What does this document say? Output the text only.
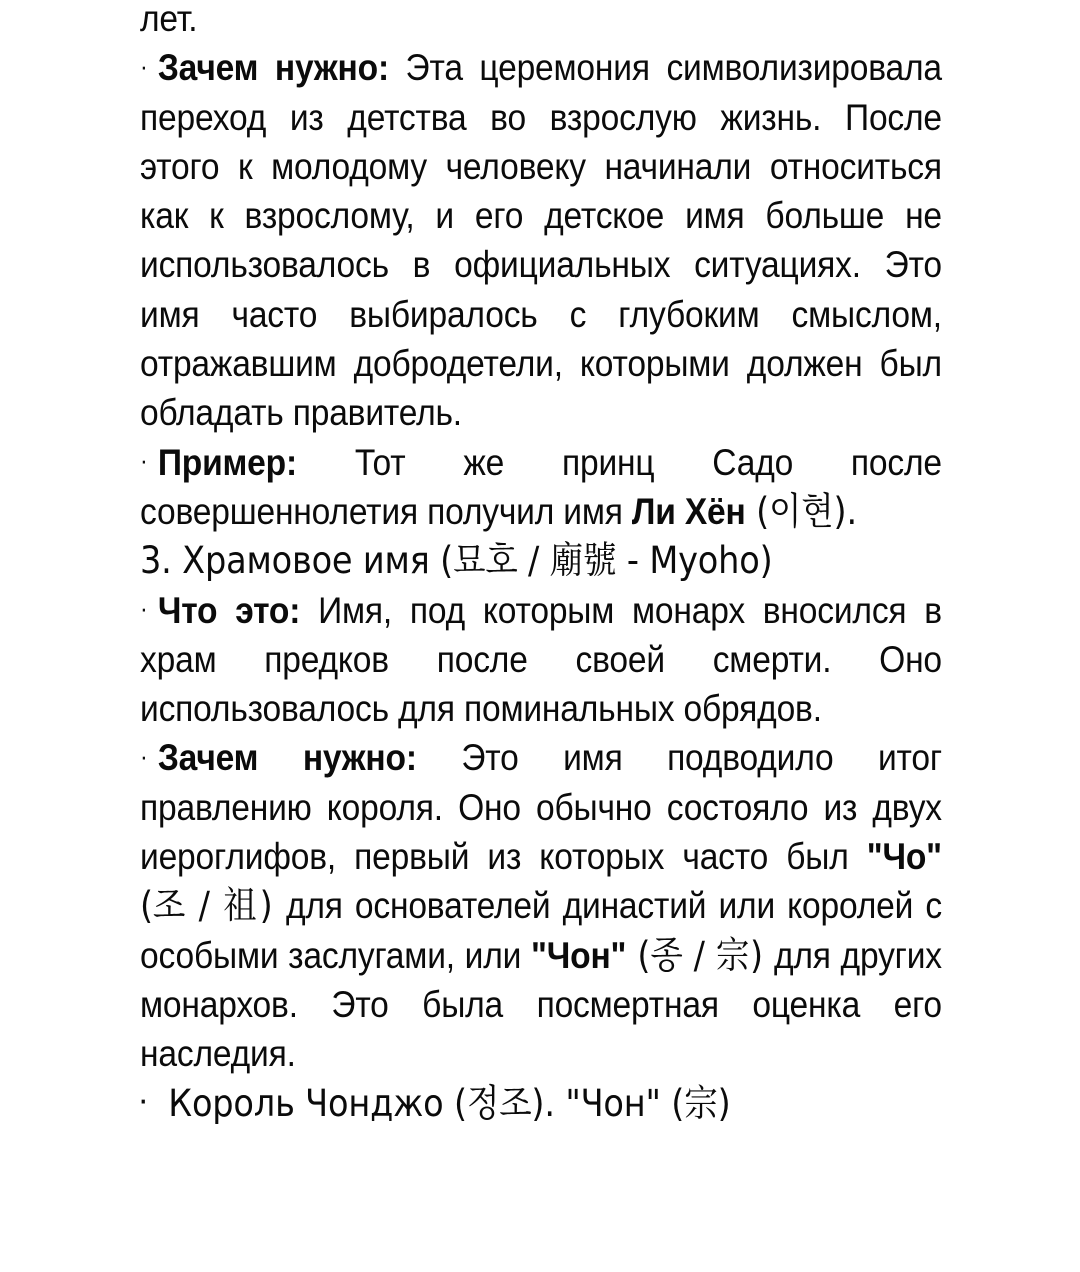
лет.

· Зачем нужно: Эта церемония символизировала переход из детства во взрослую жизнь. После этого к молодому человеку начинали относиться как к взрослому, и его детское имя больше не использовалось в официальных ситуациях. Это имя часто выбиралось с глубоким смыслом, отражавшим добродетели, которыми должен был обладать правитель.

· Пример: Тот же принц Садо после совершеннолетия получил имя Ли Хён (이현).

3. Храмовое имя (묘호 / 廟號 - Myoho)

· Что это: Имя, под которым монарх вносился в храм предков после своей смерти. Оно использовалось для поминальных обрядов.

· Зачем нужно: Это имя подводило итог правлению короля. Оно обычно состояло из двух иероглифов, первый из которых часто был "Чо" (조 / 祖) для основателей династий или королей с особыми заслугами, или "Чон" (종 / 宗) для других монархов. Это была посмертная оценка его наследия.

· Король Чонджо (정조). "Чон" (宗)
